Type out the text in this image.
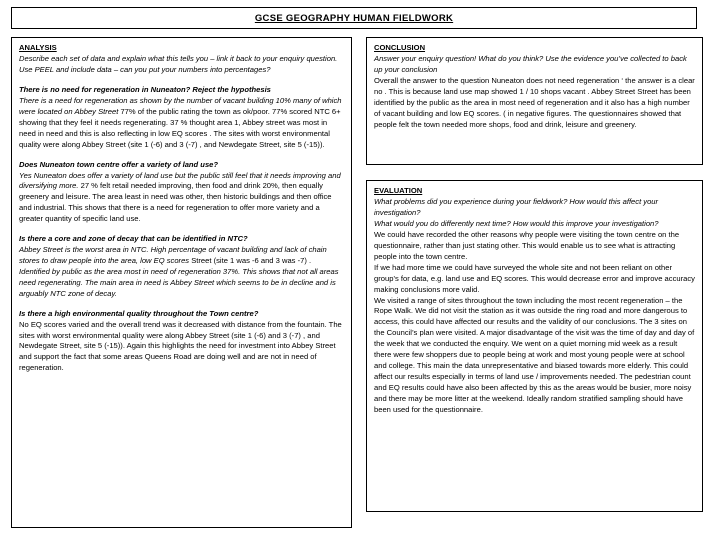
GCSE GEOGRAPHY HUMAN FIELDWORK
ANALYSIS

Describe each set of data and explain what this tells you – link it back to your enquiry question.

Use PEEL and include data – can you put your numbers into percentages?

There is no need for regeneration in Nuneaton? Reject the hypothesis

There is a need for regeneration as shown by the number of vacant building 10% many of which were located on Abbey Street 77% of the public rating the town as ok/poor. 77% scored NTC 6+ showing that they feel it needs regenerating. 37 % thought area 1, Abbey street was most in need in need and this is also reflecting in low EQ scores . The sites with worst environmental quality were along Abbey Street (site 1 (-6) and 3 (-7) , and Newdegate Street, site 5 (-15)).

Does Nuneaton town centre offer a variety of land use?

Yes Nuneaton does offer a variety of land use but the public still feel that it needs improving and diversifying more. 27 % felt retail needed improving, then food and drink 20%, then equally greenery and leisure. The area least in need was other, then historic buildings and then office and industrial. This shows that there is a need for regeneration to offer more variety and a greater quantity of specific land use.

Is there a core and zone of decay that can be identified in NTC?

Abbey Street is the worst area in NTC. High percentage of vacant building and lack of chain stores to draw people into the area, low EQ scores Street (site 1 was -6 and 3 was -7) . Identified by public as the area most in need of regeneration 37%. This shows that not all areas need regenerating. The main area in need is Abbey Street which seems to be in decline and is arguably NTC zone of decay.

Is there a high environmental quality throughout the Town centre?

No EQ scores varied and the overall trend was it decreased with distance from the fountain. The sites with worst environmental quality were along Abbey Street (site 1 (-6) and 3 (-7) , and Newdegate Street, site 5 (-15)). Again this highlights the need for investment into Abbey Street and support the fact that some areas Queens Road are doing well and are not in need of regeneration.

CONCLUSION

Answer your enquiry question! What do you think? Use the evidence you’ve collected to back up your conclusion

Overall the answer to the question Nuneaton does not need regeneration ‘ the answer is a clear no . This is because land use map showed 1 / 10 shops vacant . Abbey Street Street has been identified by the public as the area in most need of regeneration and it also has a high number of vacant building and low EQ scores. ( in negative figures. The questionnaires showed that people felt the town needed more shops, food and drink, leisure and greenery.

EVALUATION

What problems did you experience during your fieldwork? How would this affect your investigation?

What would you do differently next time? How would this improve your investigation?

We could have recorded the other reasons why people were visiting the town centre on the questionnaire, rather than just stating other. This would enable us to see what is attracting people into the town centre.

If we had more time we could have surveyed the whole site and not been reliant on other group’s for data, e.g. land use and EQ scores. This would decrease error and improve accuracy making conclusions more valid.

We visited a range of sites throughout the town including the most recent regeneration – the Rope Walk. We did not visit the station as it was outside the ring road and more dangerous to access, this could have affected our results and the validity of our conclusions. The 3 sites on the Council’s plan were visited. A major disadvantage of the visit was the time of day and day of the week that we conducted the enquiry. We went on a quiet morning mid week as a result there were few shoppers due to people being at work and most young people were at school and college. This main the data unrepresentative and biased towards more elderly. This could affect our results especially in terms of land use / improvements needed. The pedestrian count and EQ results could have also been affected by this as the areas would be busier, more noisy and there may be more litter at the weekend. Ideally random stratified sampling should have been used for the questionnaire.
